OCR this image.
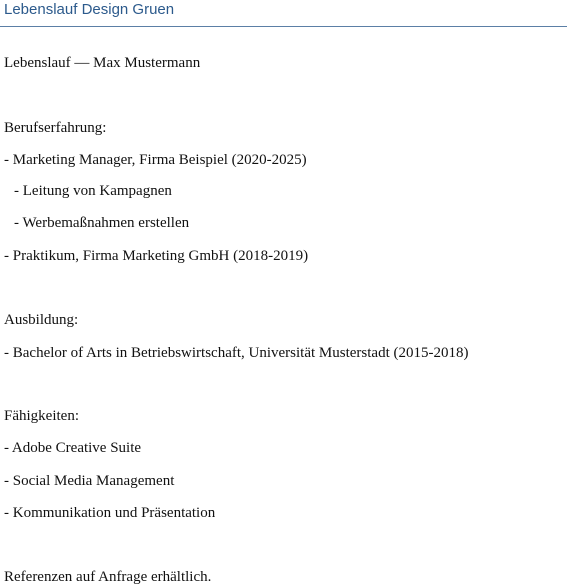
Lebenslauf Design Gruen
Lebenslauf — Max Mustermann
Berufserfahrung:
- Marketing Manager, Firma Beispiel (2020-2025)
- Leitung von Kampagnen
- Werbemaßnahmen erstellen
- Praktikum, Firma Marketing GmbH (2018-2019)
Ausbildung:
- Bachelor of Arts in Betriebswirtschaft, Universität Musterstadt (2015-2018)
Fähigkeiten:
- Adobe Creative Suite
- Social Media Management
- Kommunikation und Präsentation
Referenzen auf Anfrage erhältlich.
